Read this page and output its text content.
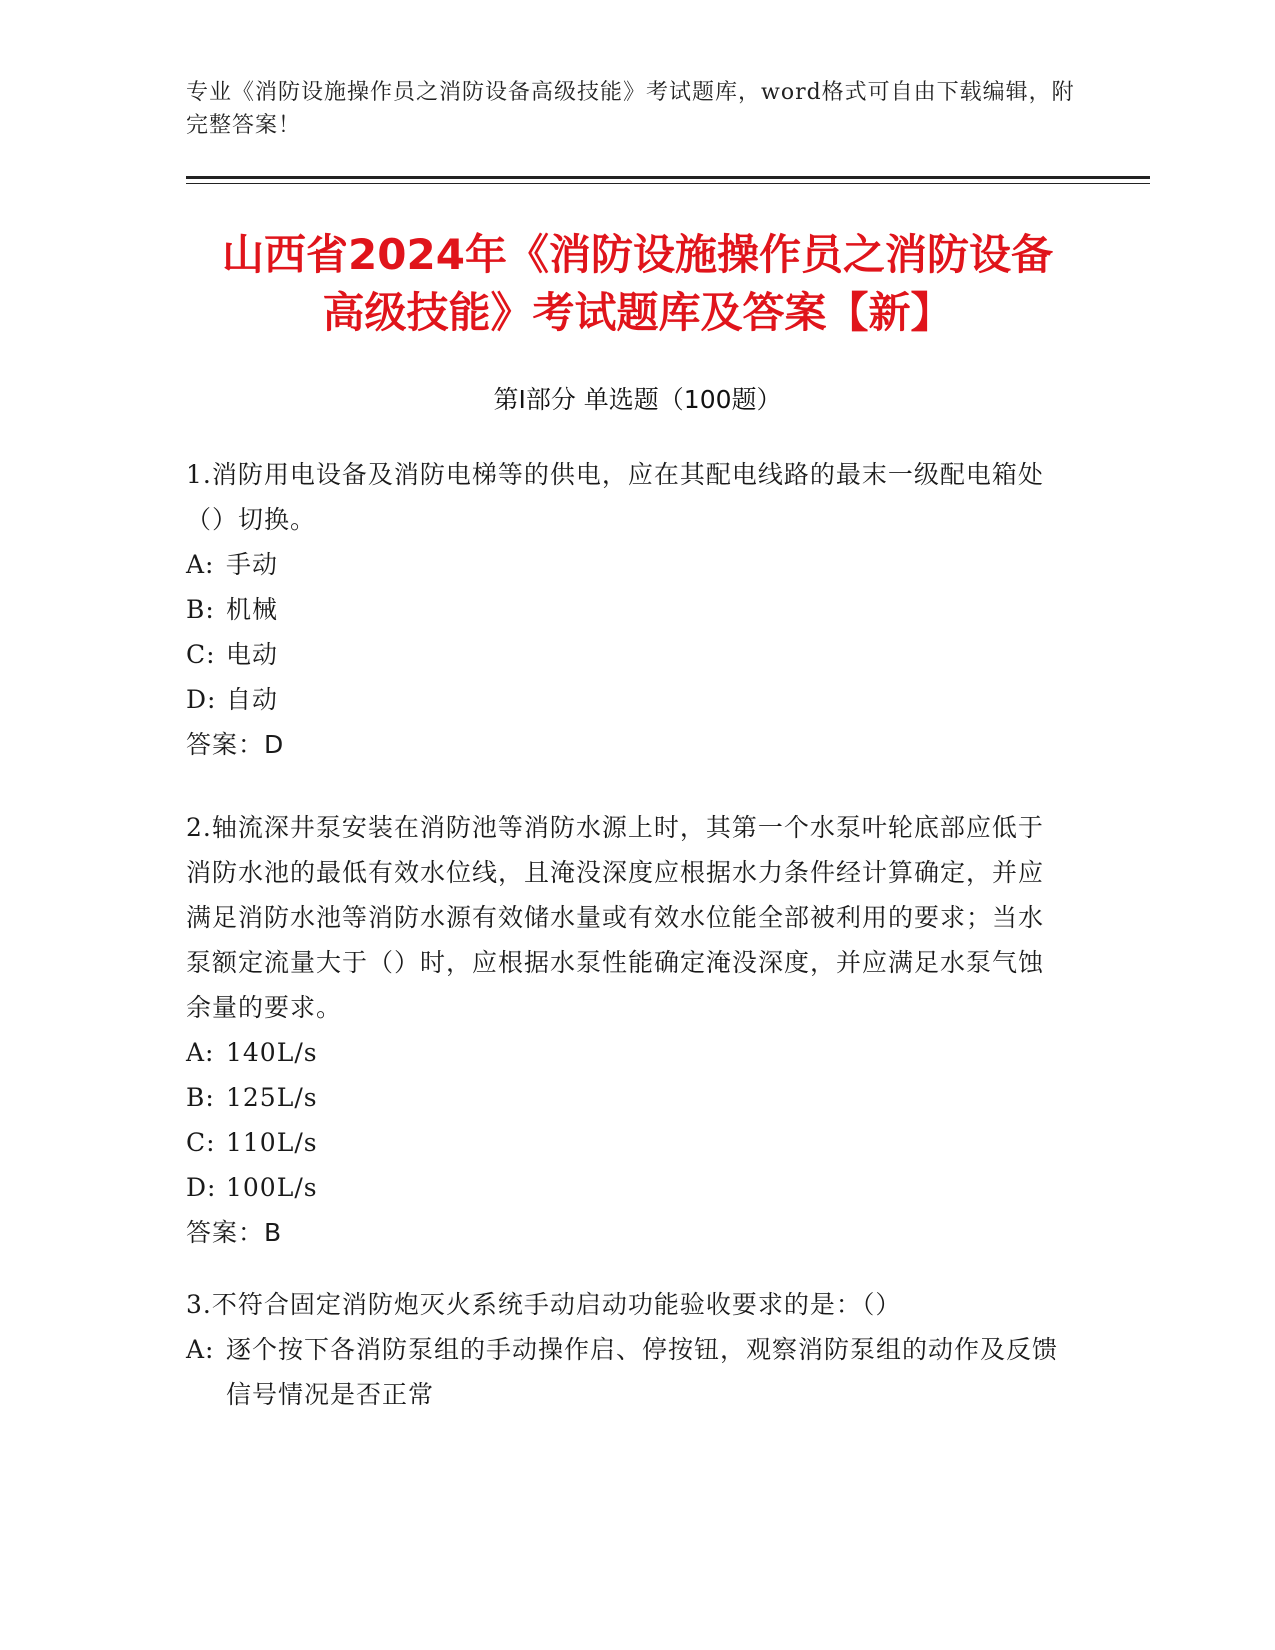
专业《消防设施操作员之消防设备高级技能》考试题库，word格式可自由下载编辑，附完整答案！
山西省2024年《消防设施操作员之消防设备
高级技能》考试题库及答案【新】
第I部分 单选题（100题）

1.消防用电设备及消防电梯等的供电，应在其配电线路的最末一级配电箱处（）切换。

A: 手动

B: 机械

C: 电动

D: 自动

答案：D

2.轴流深井泵安装在消防池等消防水源上时，其第一个水泵叶轮底部应低于消防水池的最低有效水位线，且淹没深度应根据水力条件经计算确定，并应满足消防水池等消防水源有效储水量或有效水位能全部被利用的要求；当水泵额定流量大于（）时，应根据水泵性能确定淹没深度，并应满足水泵气蚀余量的要求。

A: 140L/s

B: 125L/s

C: 110L/s

D: 100L/s

答案：B

3.不符合固定消防炮灭火系统手动启动功能验收要求的是：（）

A: 逐个按下各消防泵组的手动操作启、停按钮，观察消防泵组的动作及反馈信号情况是否正常
